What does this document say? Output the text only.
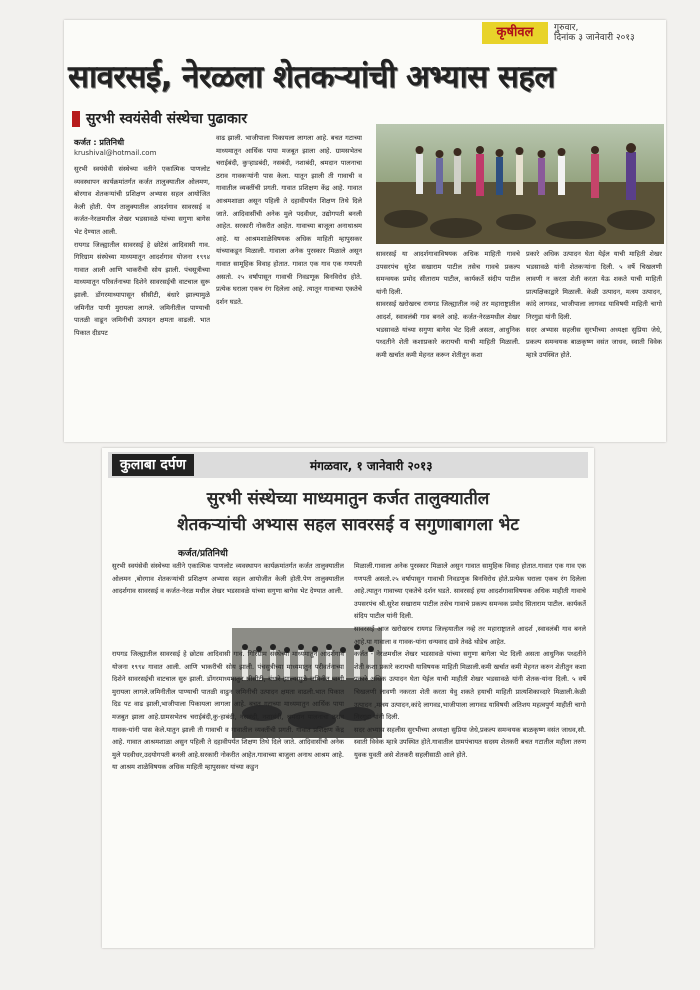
कृषीवल	गुरुवार,
दिनांक ३ जानेवारी २०१३
सावरसई, नेरळला शेतकऱ्यांची अभ्यास सहल
सुरभी स्वयंसेवी संस्थेचा पुढाकार
कर्जत : प्रतिनिधी
krushival@hotmail.com
सुरभी स्वयंसेवी संस्थेच्या वतीने एकात्मिक पाणलोट व्यवस्थापन कार्यक्रमांतर्गत कर्जत तालुक्यातील ओलमण, बोरगाव शेतकऱ्यांची प्रशिक्षण अभ्यास सहल आयोजित केली होती. पेण तालुक्यातील आदर्शगाव सावरसई व कर्जत-नेरळमधील शेखर भडसावळे यांच्या सगुणा बागेस भेट देण्यात आली.
रायगड जिल्ह्यातील सावरसई हे छोटेसं आदिवासी गाव. गिरिग्राम संस्थेच्या माध्यमातून आदर्शगाव योजना १९९४ गावात आली आणि भाकरीची सोय झाली. पंचसूत्रीच्या माध्यमातून परिवर्तनाच्या दिशेने सावरसईची वाटचाल सुरू झाली. डोंगरमाथ्यापासून सीसीटी, बंधारे झाल्यामुळे जमिनीत पाणी मुरायला लागले. जमिनीतील पाण्याची पातळी वाढून जमिनीची उत्पादन क्षमता वाढली. भात पिकात दीडपट
वाढ झाली. भाजीपाला पिकायला लागला आहे. बचत गटाच्या माध्यमातून आर्थिक पाया मजबूत झाला आहे. ग्रामसभेतच चराईबंदी, कुऱ्हाडबंदी, नसबंदी, नशाबंदी, श्रमदान पालनाचा ठराव गावकऱ्यांनी पास केला. यातून झाली ती गावाची व गावातील व्यक्तींची प्रगती. गावात प्रशिक्षण केंद्र आहे. गावात आश्रमशाळा असून पहिली ते दहावीपर्यंत शिक्षण तिथे दिले जाते. आदिवासींची अनेक मुले पदवीधर, उद्योगपती बनली आहेत. सरकारी नोकरीत आहेत. गावाच्या बाजूला अनाथाश्रम आहे. या आश्रमशाळेविषयक अधिक माहिती म्हापुसकर यांच्याकडून मिळाली. गावाला अनेक पुरस्कार मिळाले असून गावात सामूहिक विवाह होतात. गावात एक गाव एक गणपती असतो. २५ वर्षांपासून गावाची निवडणूक बिनविरोध होते. प्रत्येक घराला एकच रंग दिलेला आहे. त्यातून गावाच्या एकतेचे दर्शन घडते.
सावरसई या आदर्शगावाविषयक अधिक माहिती गावचे उपसरपंच सुरेश सखाराम पाटील तसेच गावचे प्रकल्प समन्वयक प्रमोद सीताराम पाटील, कार्यकर्ते संदीप पाटील यांनी दिली.
सावरसई खरोखरच रायगड जिल्ह्यातील नव्हे तर महाराष्ट्रातील आदर्श, स्वावलंबी गाव बनले आहे. कर्जत-नेरळमधील शेखर भडसावळे यांच्या सगुणा बागेस भेट दिली असता, आधुनिक पध्दतीने शेती कशाप्रकारे करायची याची माहिती मिळाली. कमी खर्चात कमी मेहनत करून शेतीतून कशा
प्रकारे अधिक उत्पादन घेता येईल याची माहिती शेखर भडसावळे यांनी शेतकऱ्यांना दिली. ५ वर्षे चिखलणी लावणी न करता शेती करता येऊ शकते याची माहिती प्रात्यक्षिकाद्वारे मिळाली. केळी उत्पादन, मत्स्य उत्पादन, कांदे लागवड, भाजीपाला लागवड याविषयी माहिती चागो निरगुडा यांनी दिली.
सदर अभ्यास सहलीस सुरभीच्या अध्यक्षा सुप्रिया जेधे, प्रकल्प समन्वयक बाळकृष्ण वसंत जाधव, स्वाती विवेक म्हात्रे उपस्थित होते.
कुलाबा दर्पण	मंगळवार, १ जानेवारी २०१३
सुरभी संस्थेच्या माध्यमातुन कर्जत तालुक्यातील
शेतकऱ्यांची अभ्यास सहल सावरसई व सगुणाबागला भेट
कर्जत/प्रतिनिधी
सुरभी स्वयंसेवी संस्थेच्या वतीने एकात्मिक पाणलोट व्यवस्थापन कार्यक्रमांतर्गत कर्जत तालुक्यातील ओलमन ,बोरगाव शेतकऱ्यांची प्रशिक्षण अभ्यास सहल आयोजीत केली होती.पेण तालुक्यातील आदर्शगाव सावरसई व कर्जत-नेरळ मधील शेखर भडसावळे यांच्या सगुणा बागेस भेट देण्यात आली.
रायगड जिल्ह्यातील सावरसई हे छोटस आदिवासी गाव. गिरिग्राम संस्थेच्या माध्यमातुन आदर्शगाव योजना १९९४ गावात आली. आणि भाकरीची सोय झाली. पंचसुत्रीच्या माध्यमातुन परीवर्तनाच्या दिशेने सावरसईची वाटचाल सुरु झाली. डोंगरमाध्यमातुन सीसीटी, बंधारे झाल्यामुळे जमिनीत पाणी मुरायला लागले.जमिनीतील पाण्याची पातळी वाढुन जमिनीची उत्पादन क्षमता वाढली.भात पिकात दिड पट वाढ झाली,भाजीपाला पिकायला लागला आहे. बचत गटाच्या माध्यमातुन आर्थिक पाया मजबुत झाला आहे.ग्रामसभेतच चराईबंदी,कु-हाबंदी, नसबंदी, नशाबंदी, श्रमदान पालनाचा ठराव गावक-यांनी पास केले.यातुन झाली ती गावाची व गावातील व्यक्तींची प्रगती. गावात प्रशिक्षण केंद्र आहे. गावात आश्रमशाळा असुन पहिली ते दहावीपर्यंत शिक्षण तिथे दिले जाते. आदिवासींची अनेक मुले पदवीधर,उदयोगपती बनली आहे.सरकारी नोकरीत आहेत.गावाच्या बाजुला अनाथ आश्रम आहे. या आश्रम शाळेविषयक अधिक माहिती म्हापुसकर यांच्या कडुन
मिळाली.गावाला अनेक पुरस्कार मिळाले असुन गावात सामुहिक विवाह होतात.गावात एक गाव एक गणपती असतो.२५ वर्षापासुन गावाची निवडणुक बिनविरोध होते.प्रत्येक घराला एकच रंग दिलेला आहे.त्यातुन गावाच्या एकतेचे दर्शन घडते. सावरसई हया आदर्शगावाविषयक अधिक माहीती गावाचे उपसरपंच श्री.सुरेश सखाराम पाटील तसेच गावाचे प्रकल्प समन्वक प्रमोद सिताराम पाटील. कार्यकर्ते संदिप पाटील यांनी दिली.
सावरसई आज खरोखरच रायगड जिल्हयातील नव्हे तर महाराष्ट्रातले आदर्श ,स्वावलंबी गाव बनले आहे.या गावाला व गावक-यांना धन्यवाद द्यावे तेवढे थोडेच आहेत.
कर्जत - नेरळमधील शेखर भडसावळे यांच्या सगुणा बागेला भेट दिली असता आधुनिक पध्दतीने शेती कशा प्रकारे करायची याविषयक माहिती मिळाली.कमी खर्चात कमी मेहनत करुन शेतीतुन कशा प्रकारे अधिक उत्पादन घेता येईल याची माहीती शेखर भडसावळे यांनी शेतक-यांना दिली. ५ वर्षे चिखलणी लावणी नकरता शेती करता येवु शकते हयाची माहिती प्रात्यशिकाव्दारे मिळाली.केळी उत्पादन ,मत्स्य उत्पादन,कांदे लागवड,भाजीपाला लागवड याविषयी अतिशय महत्वपुर्ण माहीती चागो निरगुडा यांनी दिली.
सदर अभ्यास सहलीस सुरभीच्या अध्यक्षा सुप्रिया जेधे,प्रकल्प समन्वयक बाळकृष्ण वसंत जाधव,सौ. स्वाती विवेक म्हात्रे उपस्थित होते.गावातील ग्रामपंचायत सदस्य शेतकरी बचत गटातील महीला तरुण युवक युवती असे शेतकरी सहलीसाठी आले होते.
